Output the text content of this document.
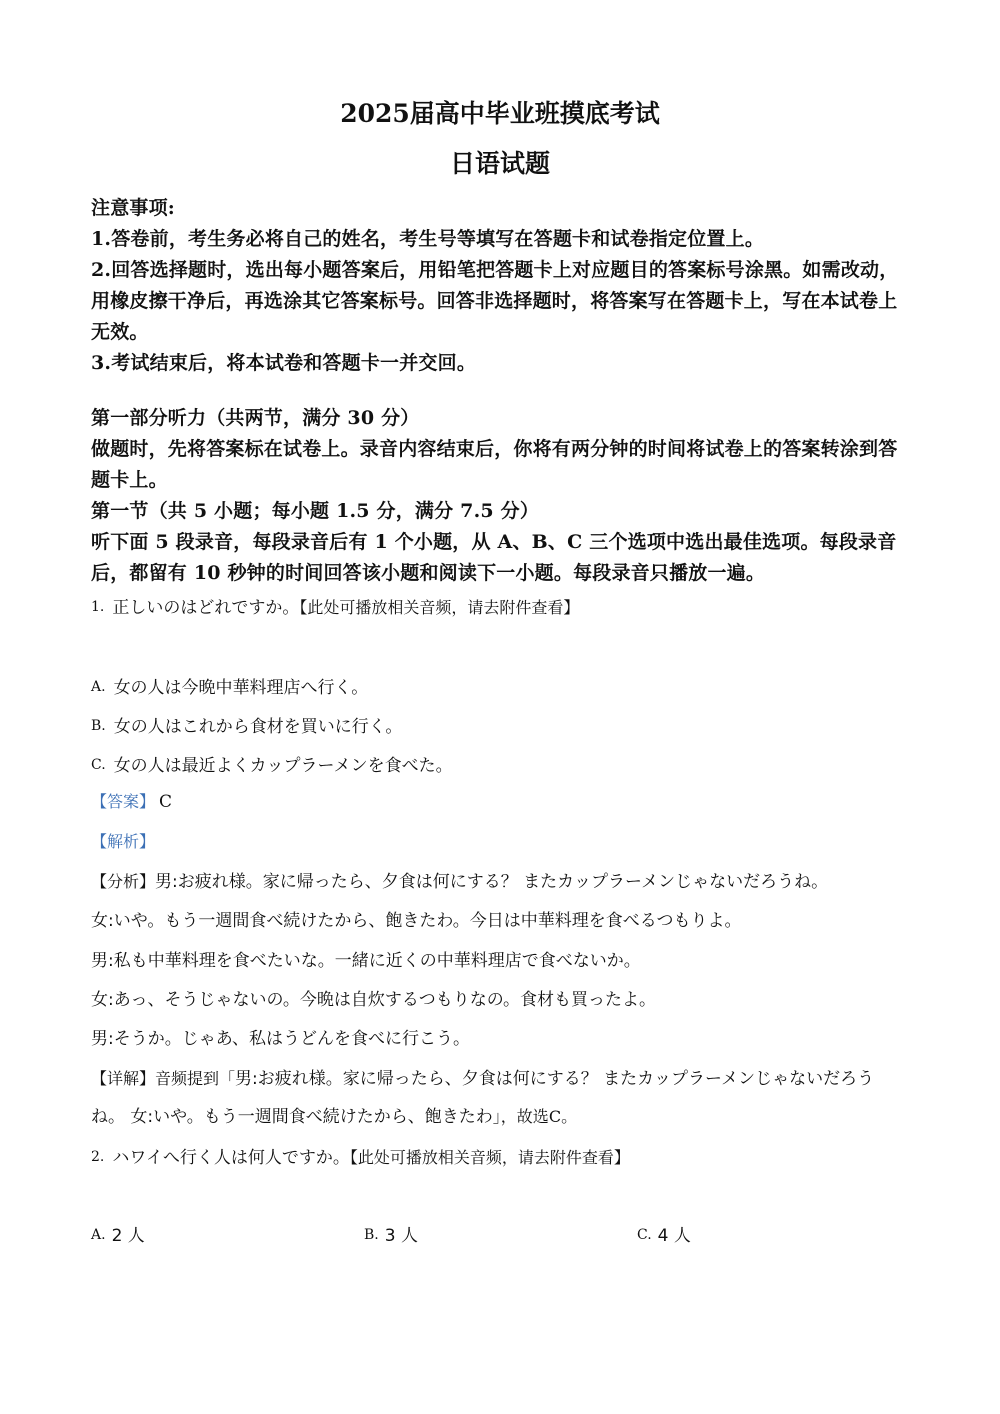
2025届高中毕业班摸底考试
日语试题

注意事项:

1.答卷前，考生务必将自己的姓名，考生号等填写在答题卡和试卷指定位置上。

2.回答选择题时，选出每小题答案后，用铅笔把答题卡上对应题目的答案标号涂黑。如需改动，用橡皮擦干净后，再选涂其它答案标号。回答非选择题时，将答案写在答题卡上，写在本试卷上无效。

3.考试结束后，将本试卷和答题卡一并交回。

第一部分听力（共两节，满分 30 分）

做题时，先将答案标在试卷上。录音内容结束后，你将有两分钟的时间将试卷上的答案转涂到答题卡上。

第一节（共 5 小题；每小题 1.5 分，满分 7.5 分）

听下面 5 段录音，每段录音后有 1 个小题，从 A、B、C 三个选项中选出最佳选项。每段录音后，都留有 10 秒钟的时间回答该小题和阅读下一小题。每段录音只播放一遍。

1. 正しいのはどれですか。【此处可播放相关音频，请去附件查看】
A. 女の人は今晩中華料理店へ行く。
B. 女の人はこれから食材を買いに行く。
C. 女の人は最近よくカップラーメンを食べた。
【答案】 C
【解析】
【分析】男:お疲れ様。家に帰ったら、夕食は何にする？ またカップラーメンじゃないだろうね。
女:いや。もう一週間食べ続けたから、飽きたわ。今日は中華料理を食べるつもりよ。
男:私も中華料理を食べたいな。一緒に近くの中華料理店で食べないか。
女:あっ、そうじゃないの。今晩は自炊するつもりなの。食材も買ったよ。
男:そうか。じゃあ、私はうどんを食べに行こう。
【详解】音频提到「男:お疲れ様。家に帰ったら、夕食は何にする？ またカップラーメンじゃないだろう
ね。 女:いや。もう一週間食べ続けたから、飽きたわ」，故选C。
2. ハワイへ行く人は何人ですか。【此处可播放相关音频，请去附件查看】
A. 2 人	B. 3 人	C. 4 人
